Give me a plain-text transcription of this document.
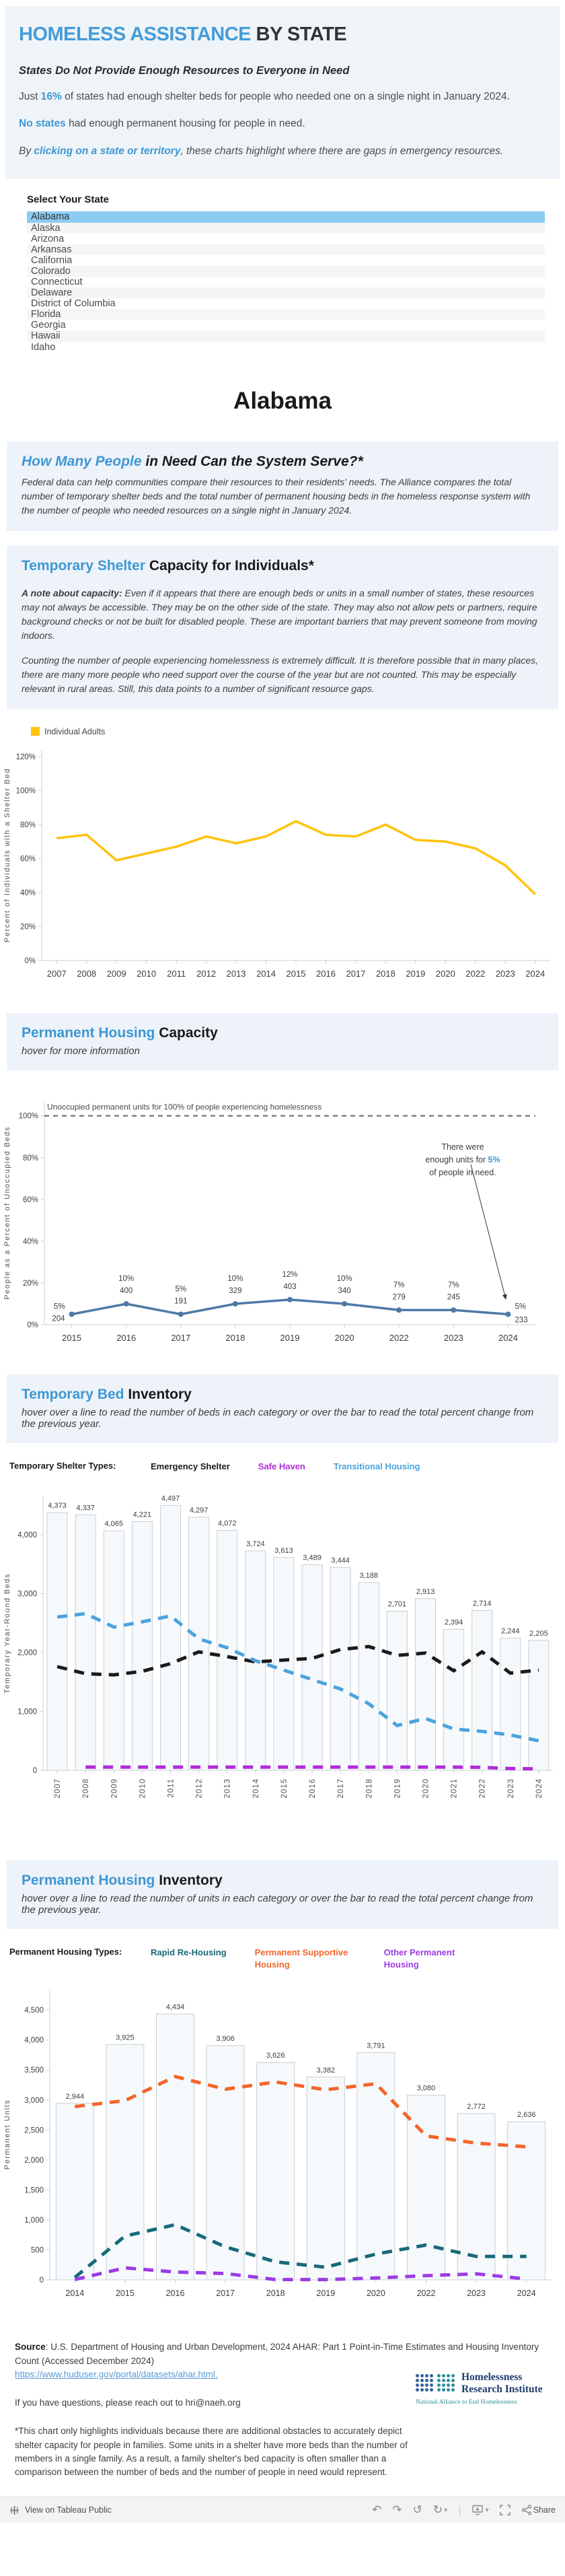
HOMELESS ASSISTANCE BY STATE
States Do Not Provide Enough Resources to Everyone in Need

Just 16% of states had enough shelter beds for people who needed one on a single night in January 2024.

No states had enough permanent housing for people in need.

By clicking on a state or territory, these charts highlight where there are gaps in emergency resources.

Select Your State
Alabama
Alaska
Arizona
Arkansas
California
Colorado
Connecticut
Delaware
District of Columbia
Florida
Georgia
Hawaii
Idaho
Alabama
How Many People in Need Can the System Serve?*

Federal data can help communities compare their resources to their residents' needs. The Alliance compares the total number of temporary shelter beds and the total number of permanent housing beds in the homeless response system with the number of people who needed resources on a single night in January 2024.

Temporary Shelter Capacity for Individuals*

A note about capacity: Even if it appears that there are enough beds or units in a small number of states, these resources may not always be accessible. They may be on the other side of the state. They may also not allow pets or partners, require background checks or not be built for disabled people. These are important barriers that may prevent someone from moving indoors.

Counting the number of people experiencing homelessness is extremely difficult. It is therefore possible that in many places, there are many more people who need support over the course of the year but are not counted. This may be especially relevant in rural areas. Still, this data points to a number of significant resource gaps.

Individual Adults
0%
20%
40%
60%
80%
100%
120%
Percent of Individuals with a Shelter Bed
2007 2008 2009 2010 2011 2012 2013 2014 2015 2016 2017 2018 2019 2020 2022 2023 2024
Permanent Housing Capacity

hover for more information

0%
20%
40%
60%
80%
100%
People as a Percent of Unoccupied Beds
2015	2016	2017	2018	2019	2020	2022	2023	2024
Unoccupied permanent units for 100% of people experiencing homelessness
5%
204
10%
400	5%
191
10%
329
12%
403
10%
340
7%
279
7%
245
5%
233
There were
enough units for 5%
of people in need.
Temporary Bed Inventory

hover over a line to read the number of beds in each category or over the bar to read the total percent change from the previous year.

Temporary Shelter Types:	Emergency Shelter	Safe Haven	Transitional Housing
4,373 4,337
4,065
4,221
4,497
4,297
4,072
3,724
3,613
3,489 3,444
3,188
2,701
2,913
2,394
2,714
2,244 2,205
0
1,000
2,000
3,000
4,000
Temporary Year-Round Beds
2007	2008	2009	2010	2011	2012	2013	2014	2015	2016	2017	2018	2019	2020	2021	2022	2023	2024
Permanent Housing Inventory

hover over a line to read the number of units in each category or over the bar to read the total percent change from the previous year.

Permanent Housing Types:	Rapid Re-Housing	Permanent Supportive Housing
Other Permanent Housing
2,944
3,925
4,434
3,906
3,626
3,382
3,791
3,080
2,772
2,636
0
500
1,000
1,500
2,000
2,500
3,000
3,500
4,000
4,500
Permanent Units
2014	2015	2016	2017	2018	2019	2020	2022	2023	2024
Source: U.S. Department of Housing and Urban Development, 2024 AHAR: Part 1 Point-in-Time Estimates and Housing Inventory Count (Accessed December 2024)
https://www.huduser.gov/portal/datasets/ahar.html.
If you have questions, please reach out to hri@naeh.org
*This chart only highlights individuals because there are additional obstacles to accurately depict shelter capacity for people in families. Some units in a shelter have more beds than the number of members in a single family. As a result, a family shelter's bed capacity is often smaller than a comparison between the number of beds and the number of people in need would represent.
Homelessness
Research Institute
National Alliance to End Homelessness
View on Tableau Public	↶ ↷ ↺ ↻ ▾ |	▾	Share
